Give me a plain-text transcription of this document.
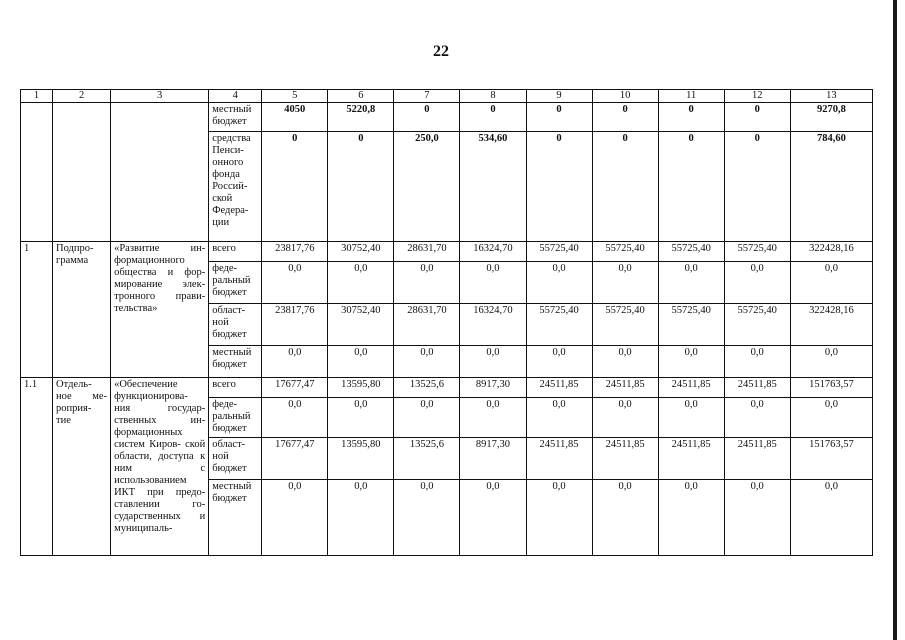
22
1	2	3	4	5	6	7	8	9	10	11	12	13
			местный бюджет	4050	5220,8	0	0	0	0	0	0	9270,8
			средства Пенси- онного фонда Россий- ской Федера- ции	0	0	250,0	534,60	0	0	0	0	784,60
1	Подпро- грамма	«Развитие ин- формационного общества и фор- мирование элек- тронного прави- тельства»	всего	23817,76	30752,40	28631,70	16324,70	55725,40	55725,40	55725,40	55725,40	322428,16
			феде- ральный бюджет	0,0	0,0	0,0	0,0	0,0	0,0	0,0	0,0	0,0
			област- ной бюджет	23817,76	30752,40	28631,70	16324,70	55725,40	55725,40	55725,40	55725,40	322428,16
			местный бюджет	0,0	0,0	0,0	0,0	0,0	0,0	0,0	0,0	0,0
1.1	Отдель- ное ме- роприя- тие	«Обеспечение функционирова- ния государ- ственных ин- формационных систем Киров- ской области, доступа к ним с использованием ИКТ при предо- ставлении го- сударственных и муниципаль-	всего	17677,47	13595,80	13525,6	8917,30	24511,85	24511,85	24511,85	24511,85	151763,57
			феде- ральный бюджет	0,0	0,0	0,0	0,0	0,0	0,0	0,0	0,0	0,0
			област- ной бюджет	17677,47	13595,80	13525,6	8917,30	24511,85	24511,85	24511,85	24511,85	151763,57
			местный бюджет	0,0	0,0	0,0	0,0	0,0	0,0	0,0	0,0	0,0
